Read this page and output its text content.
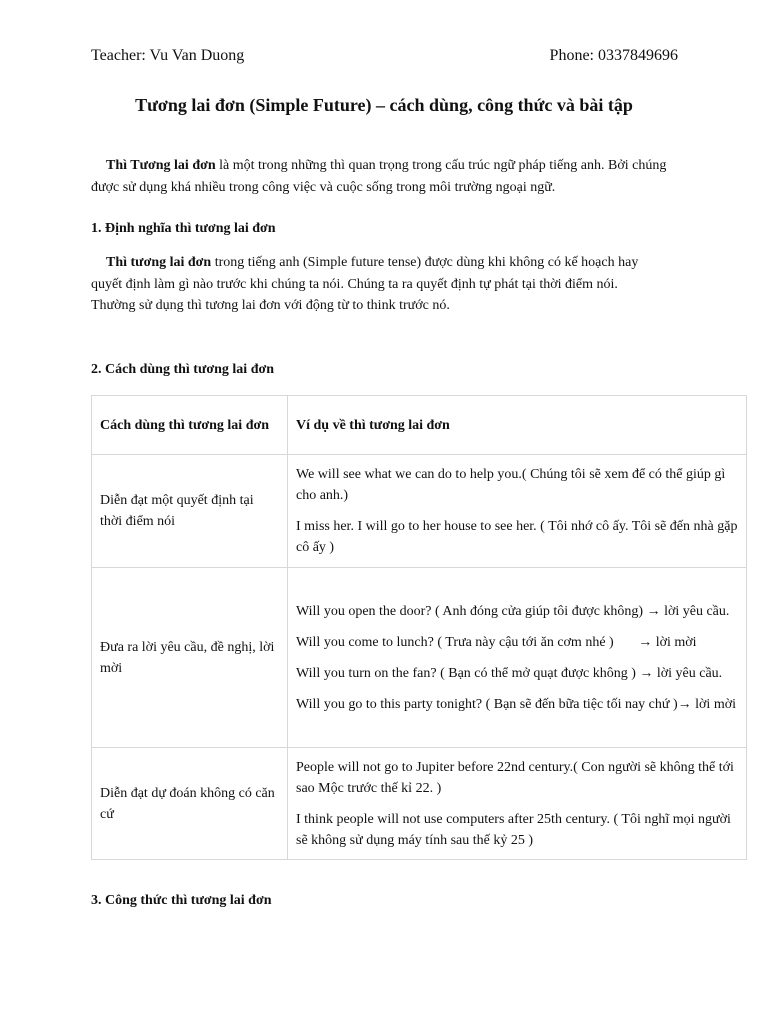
Teacher: Vu Van Duong	Phone: 0337849696
Tương lai đơn (Simple Future) – cách dùng, công thức và bài tập

Thì Tương lai đơn là một trong những thì quan trọng trong cấu trúc ngữ pháp tiếng anh. Bởi chúng được sử dụng khá nhiều trong công việc và cuộc sống trong môi trường ngoại ngữ.

1. Định nghĩa thì tương lai đơn

Thì tương lai đơn trong tiếng anh (Simple future tense) được dùng khi không có kế hoạch hay quyết định làm gì nào trước khi chúng ta nói. Chúng ta ra quyết định tự phát tại thời điểm nói. Thường sử dụng thì tương lai đơn với động từ to think trước nó.

2. Cách dùng thì tương lai đơn
Cách dùng thì tương lai đơn	Ví dụ về thì tương lai đơn
Diễn đạt một quyết định tại thời điểm nói	We will see what we can do to help you.( Chúng tôi sẽ xem để có thể giúp gì cho anh.)

I miss her. I will go to her house to see her. ( Tôi nhớ cô ấy. Tôi sẽ đến nhà gặp cô ấy )

Đưa ra lời yêu cầu, đề nghị, lời mời	Will you open the door? ( Anh đóng cửa giúp tôi được không) → lời yêu cầu.

Will you come to lunch? ( Trưa này cậu tới ăn cơm nhé )       → lời mời

Will you turn on the fan? ( Bạn có thể mở quạt được không ) → lời yêu cầu.

Will you go to this party tonight? ( Bạn sẽ đến bữa tiệc tối nay chứ )→ lời mời

Diễn đạt dự đoán không có căn cứ	People will not go to Jupiter before 22nd century.( Con người sẽ không thể tới sao Mộc trước thế kỉ 22. )

I think people will not use computers after 25th century. ( Tôi nghĩ mọi người sẽ không sử dụng máy tính sau thế kỷ 25 )

3. Công thức thì tương lai đơn
